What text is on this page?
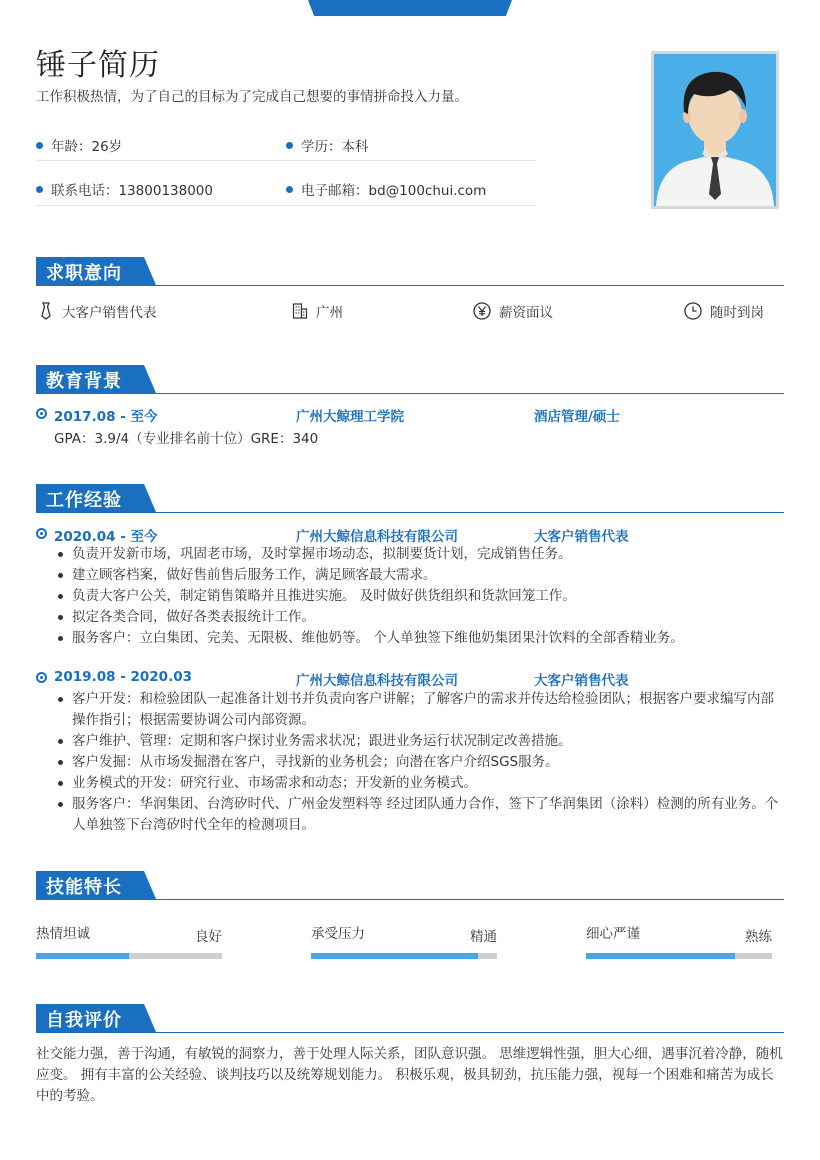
锤子简历
工作积极热情，为了自己的目标为了完成自己想要的事情拼命投入力量。
年龄：26岁	学历：本科
联系电话：13800138000	电子邮箱：bd@100chui.com
求职意向
大客户销售代表	广州	薪资面议	随时到岗
教育背景
2017.08 - 至今	广州大鲸理工学院	酒店管理/硕士
GPA：3.9/4（专业排名前十位）GRE：340
工作经验
2020.04 - 至今	广州大鲸信息科技有限公司	大客户销售代表
负责开发新市场，巩固老市场，及时掌握市场动态，拟制要货计划，完成销售任务。
建立顾客档案，做好售前售后服务工作，满足顾客最大需求。
负责大客户公关，制定销售策略并且推进实施。 及时做好供货组织和货款回笼工作。
拟定各类合同，做好各类表报统计工作。
服务客户：立白集团、完美、无限极、维他奶等。 个人单独签下维他奶集团果汁饮料的全部香精业务。
2019.08 - 2020.03	广州大鲸信息科技有限公司	大客户销售代表
客户开发：和检验团队一起准备计划书并负责向客户讲解；了解客户的需求并传达给检验团队；根据客户要求编写内部操作指引；根据需要协调公司内部资源。
客户维护、管理：定期和客户探讨业务需求状况；跟进业务运行状况制定改善措施。
客户发掘：从市场发掘潜在客户，寻找新的业务机会；向潜在客户介绍SGS服务。
业务模式的开发：研究行业、市场需求和动态；开发新的业务模式。
服务客户：华润集团、台湾矽时代、广州金发塑料等 经过团队通力合作，签下了华润集团（涂料）检测的所有业务。个人单独签下台湾矽时代全年的检测项目。
技能特长
热情坦诚	良好	承受压力	精通	细心严谨	熟练
自我评价
社交能力强，善于沟通，有敏锐的洞察力，善于处理人际关系，团队意识强。 思维逻辑性强，胆大心细，遇事沉着冷静，随机应变。 拥有丰富的公关经验、谈判技巧以及统筹规划能力。 积极乐观，极具韧劲，抗压能力强，视每一个困难和痛苦为成长中的考验。
